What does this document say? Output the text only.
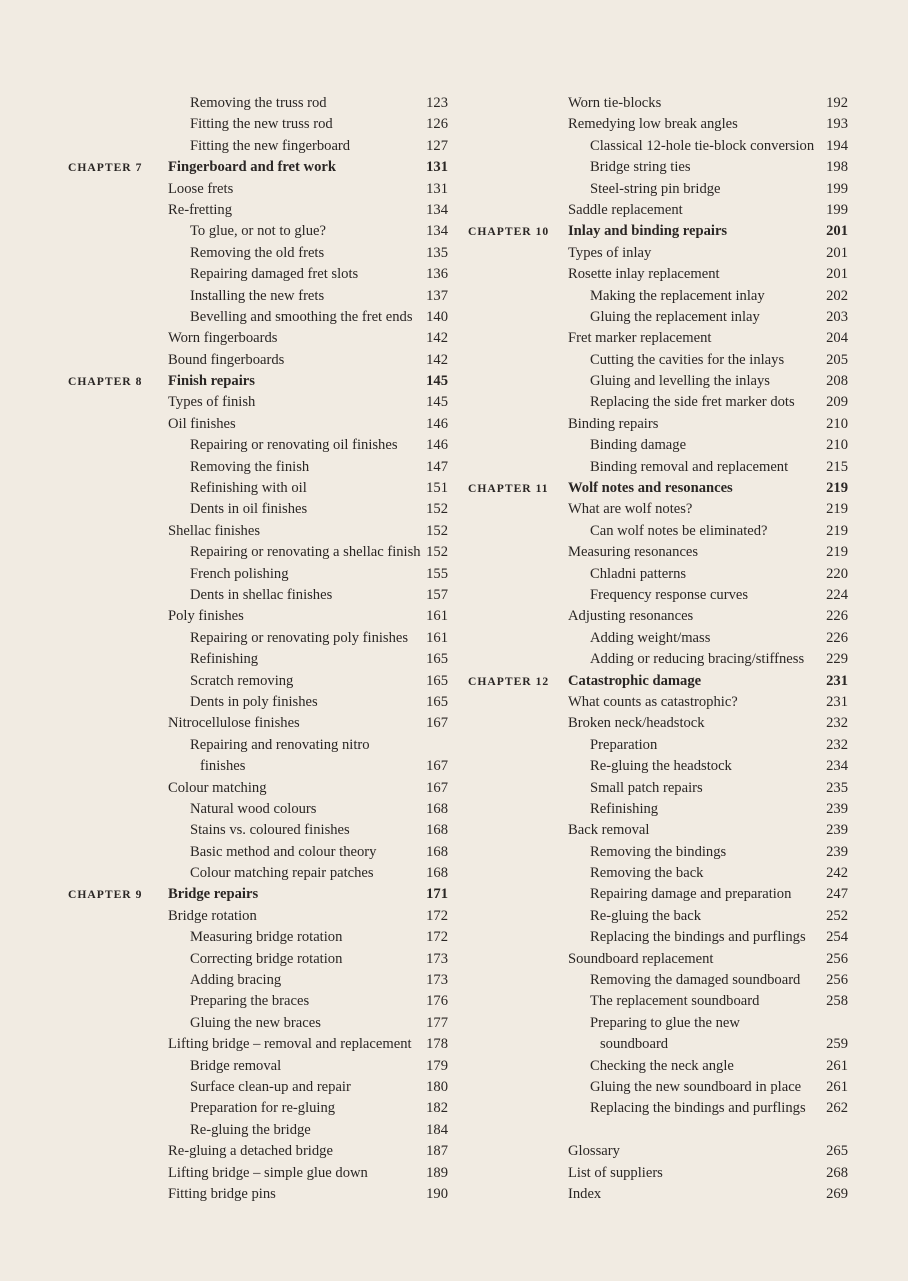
Removing the truss rod	123
Fitting the new truss rod	126
Fitting the new fingerboard	127
CHAPTER 7 Fingerboard and fret work	131
Loose frets	131
Re-fretting	134
To glue, or not to glue?	134
Removing the old frets	135
Repairing damaged fret slots	136
Installing the new frets	137
Bevelling and smoothing the fret ends 140
Worn fingerboards	142
Bound fingerboards	142
CHAPTER 8 Finish repairs	145
Types of finish	145
Oil finishes	146
Repairing or renovating oil finishes	146
Removing the finish	147
Refinishing with oil	151
Dents in oil finishes	152
Shellac finishes	152
Repairing or renovating a shellac finish 152
French polishing	155
Dents in shellac finishes	157
Poly finishes	161
Repairing or renovating poly finishes	161
Refinishing	165
Scratch removing	165
Dents in poly finishes	165
Nitrocellulose finishes	167
Repairing and renovating nitro
finishes	167
Colour matching	167
Natural wood colours	168
Stains vs. coloured finishes	168
Basic method and colour theory	168
Colour matching repair patches	168
CHAPTER 9 Bridge repairs	171
Bridge rotation	172
Measuring bridge rotation	172
Correcting bridge rotation	173
Adding bracing	173
Preparing the braces	176
Gluing the new braces	177
Lifting bridge – removal and replacement 178
Bridge removal	179
Surface clean-up and repair	180
Preparation for re-gluing	182
Re-gluing the bridge	184
Re-gluing a detached bridge	187
Lifting bridge – simple glue down	189
Fitting bridge pins	190
Worn tie-blocks	192
Remedying low break angles	193
Classical 12-hole tie-block conversion 194
Bridge string ties	198
Steel-string pin bridge	199
Saddle replacement	199
CHAPTER 10 Inlay and binding repairs	201
Types of inlay	201
Rosette inlay replacement	201
Making the replacement inlay	202
Gluing the replacement inlay	203
Fret marker replacement	204
Cutting the cavities for the inlays	205
Gluing and levelling the inlays	208
Replacing the side fret marker dots	209
Binding repairs	210
Binding damage	210
Binding removal and replacement	215
CHAPTER 11 Wolf notes and resonances	219
What are wolf notes?	219
Can wolf notes be eliminated?	219
Measuring resonances	219
Chladni patterns	220
Frequency response curves	224
Adjusting resonances	226
Adding weight/mass	226
Adding or reducing bracing/stiffness	229
CHAPTER 12 Catastrophic damage	231
What counts as catastrophic?	231
Broken neck/headstock	232
Preparation	232
Re-gluing the headstock	234
Small patch repairs	235
Refinishing	239
Back removal	239
Removing the bindings	239
Removing the back	242
Repairing damage and preparation	247
Re-gluing the back	252
Replacing the bindings and purflings	254
Soundboard replacement	256
Removing the damaged soundboard	256
The replacement soundboard	258
Preparing to glue the new
soundboard	259
Checking the neck angle	261
Gluing the new soundboard in place	261
Replacing the bindings and purflings	262
Glossary	265
List of suppliers	268
Index	269
